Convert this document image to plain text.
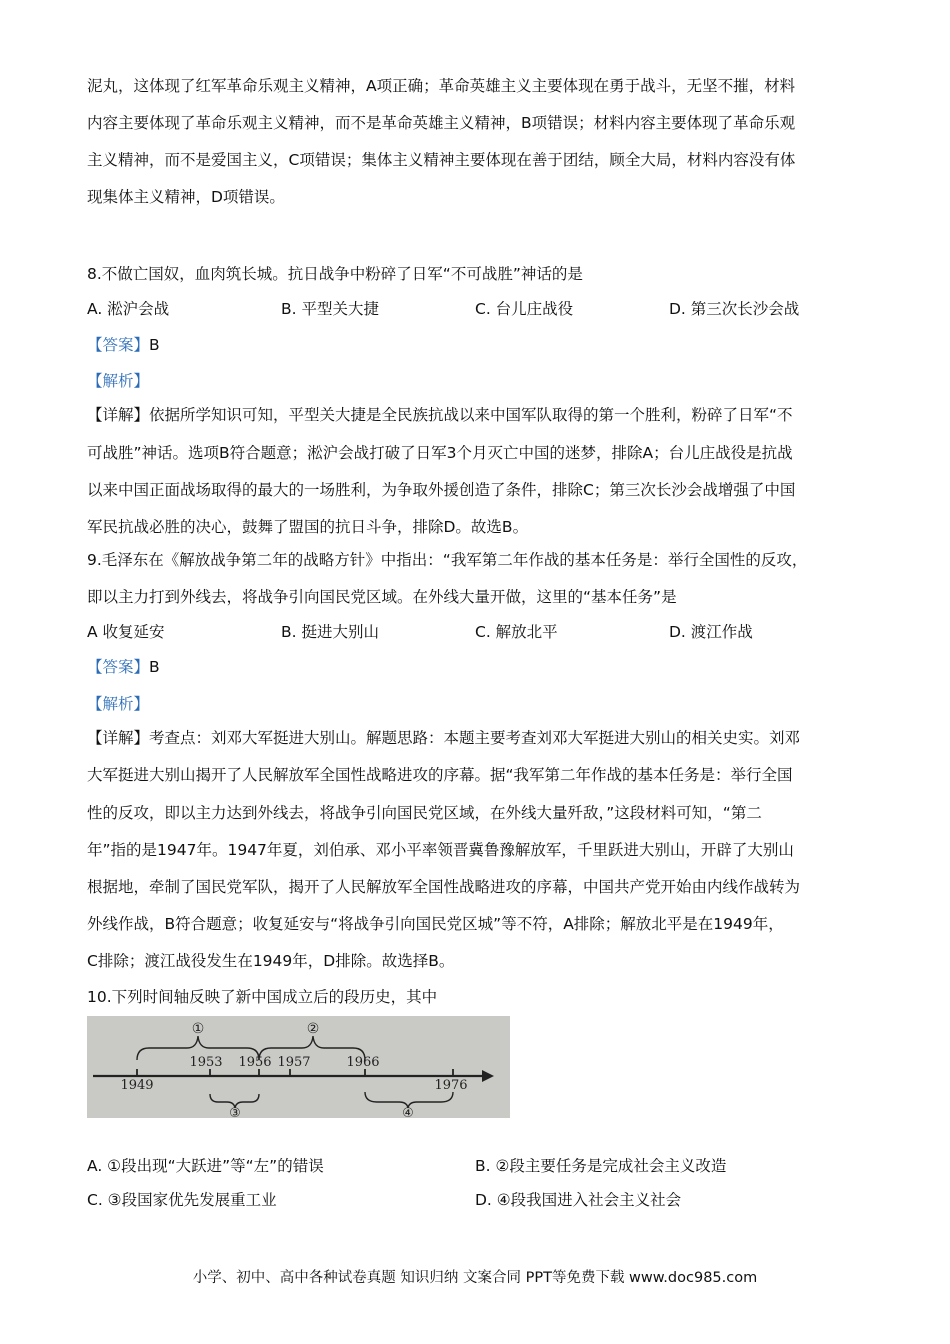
泥丸，这体现了红军革命乐观主义精神，A项正确；革命英雄主义主要体现在勇于战斗，无坚不摧，材料
内容主要体现了革命乐观主义精神，而不是革命英雄主义精神，B项错误；材料内容主要体现了革命乐观
主义精神，而不是爱国主义，C项错误；集体主义精神主要体现在善于团结，顾全大局，材料内容没有体
现集体主义精神，D项错误。
8.不做亡国奴，血肉筑长城。抗日战争中粉碎了日军“不可战胜”神话的是
A. 淞沪会战	B. 平型关大捷	C. 台儿庄战役	D. 第三次长沙会战
【答案】B
【解析】
【详解】依据所学知识可知，平型关大捷是全民族抗战以来中国军队取得的第一个胜利，粉碎了日军“不
可战胜”神话。选项B符合题意；淞沪会战打破了日军3个月灭亡中国的迷梦，排除A；台儿庄战役是抗战
以来中国正面战场取得的最大的一场胜利，为争取外援创造了条件，排除C；第三次长沙会战增强了中国
军民抗战必胜的决心，鼓舞了盟国的抗日斗争，排除D。故选B。
9.毛泽东在《解放战争第二年的战略方针》中指出：“我军第二年作战的基本任务是：举行全国性的反攻，
即以主力打到外线去，将战争引向国民党区域。在外线大量开做，这里的“基本任务”是
A 收复延安	B. 挺进大别山	C. 解放北平	D. 渡江作战
【答案】B
【解析】
【详解】考查点：刘邓大军挺进大别山。解题思路：本题主要考查刘邓大军挺进大别山的相关史实。刘邓
大军挺进大别山揭开了人民解放军全国性战略进攻的序幕。据“我军第二年作战的基本任务是：举行全国
性的反攻，即以主力达到外线去，将战争引向国民党区域，在外线大量歼敌，”这段材料可知，“第二
年”指的是1947年。1947年夏，刘伯承、邓小平率领晋冀鲁豫解放军，千里跃进大别山，开辟了大别山
根据地，牵制了国民党军队，揭开了人民解放军全国性战略进攻的序幕，中国共产党开始由内线作战转为
外线作战，B符合题意；收复延安与“将战争引向国民党区城”等不符，A排除；解放北平是在1949年，
C排除；渡江战役发生在1949年，D排除。故选择B。
10.下列时间轴反映了新中国成立后的段历史，其中
①	②
③	④
1949
1953 1956 1957	1966
1976
A. ①段出现“大跃进”等“左”的错误	B. ②段主要任务是完成社会主义改造
C. ③段国家优先发展重工业	D. ④段我国进入社会主义社会
小学、初中、高中各种试卷真题 知识归纳 文案合同 PPT等免费下载 www.doc985.com
